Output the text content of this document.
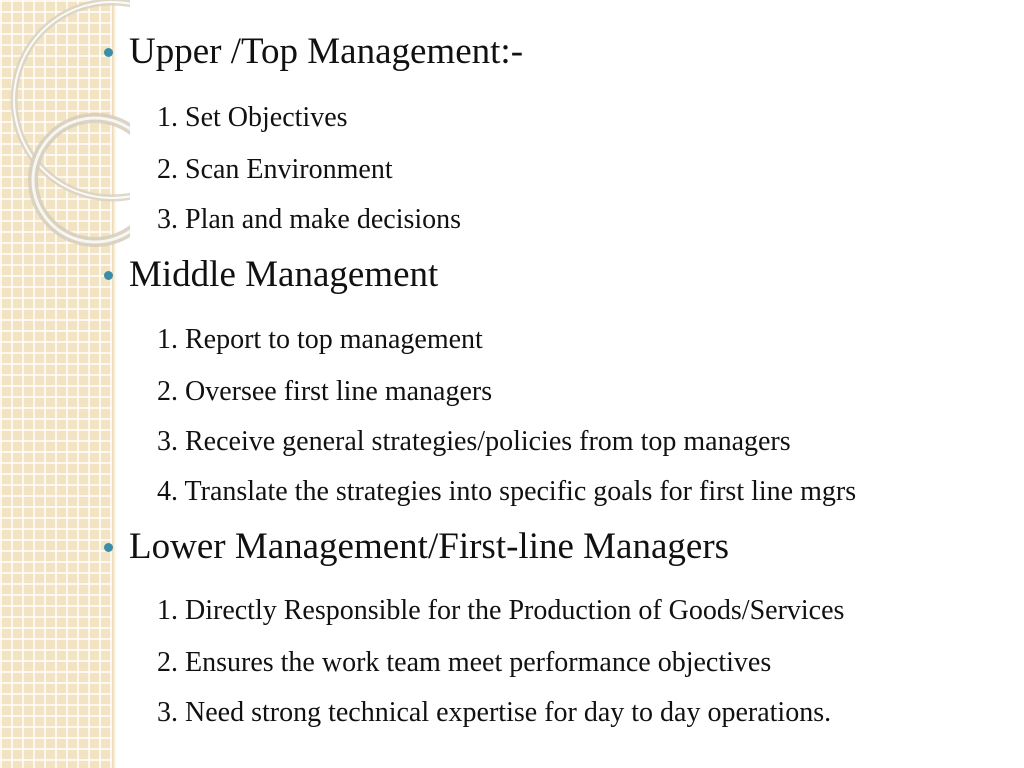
Upper /Top Management:-
1. Set Objectives
2. Scan Environment
3. Plan and make decisions
Middle Management
1. Report to top management
2. Oversee first line managers
3. Receive general strategies/policies from top managers
4. Translate the strategies into specific goals for first line mgrs
Lower Management/First-line Managers
1. Directly Responsible for the Production of Goods/Services
2. Ensures the work team meet performance objectives
3. Need strong technical expertise for day to day operations.
